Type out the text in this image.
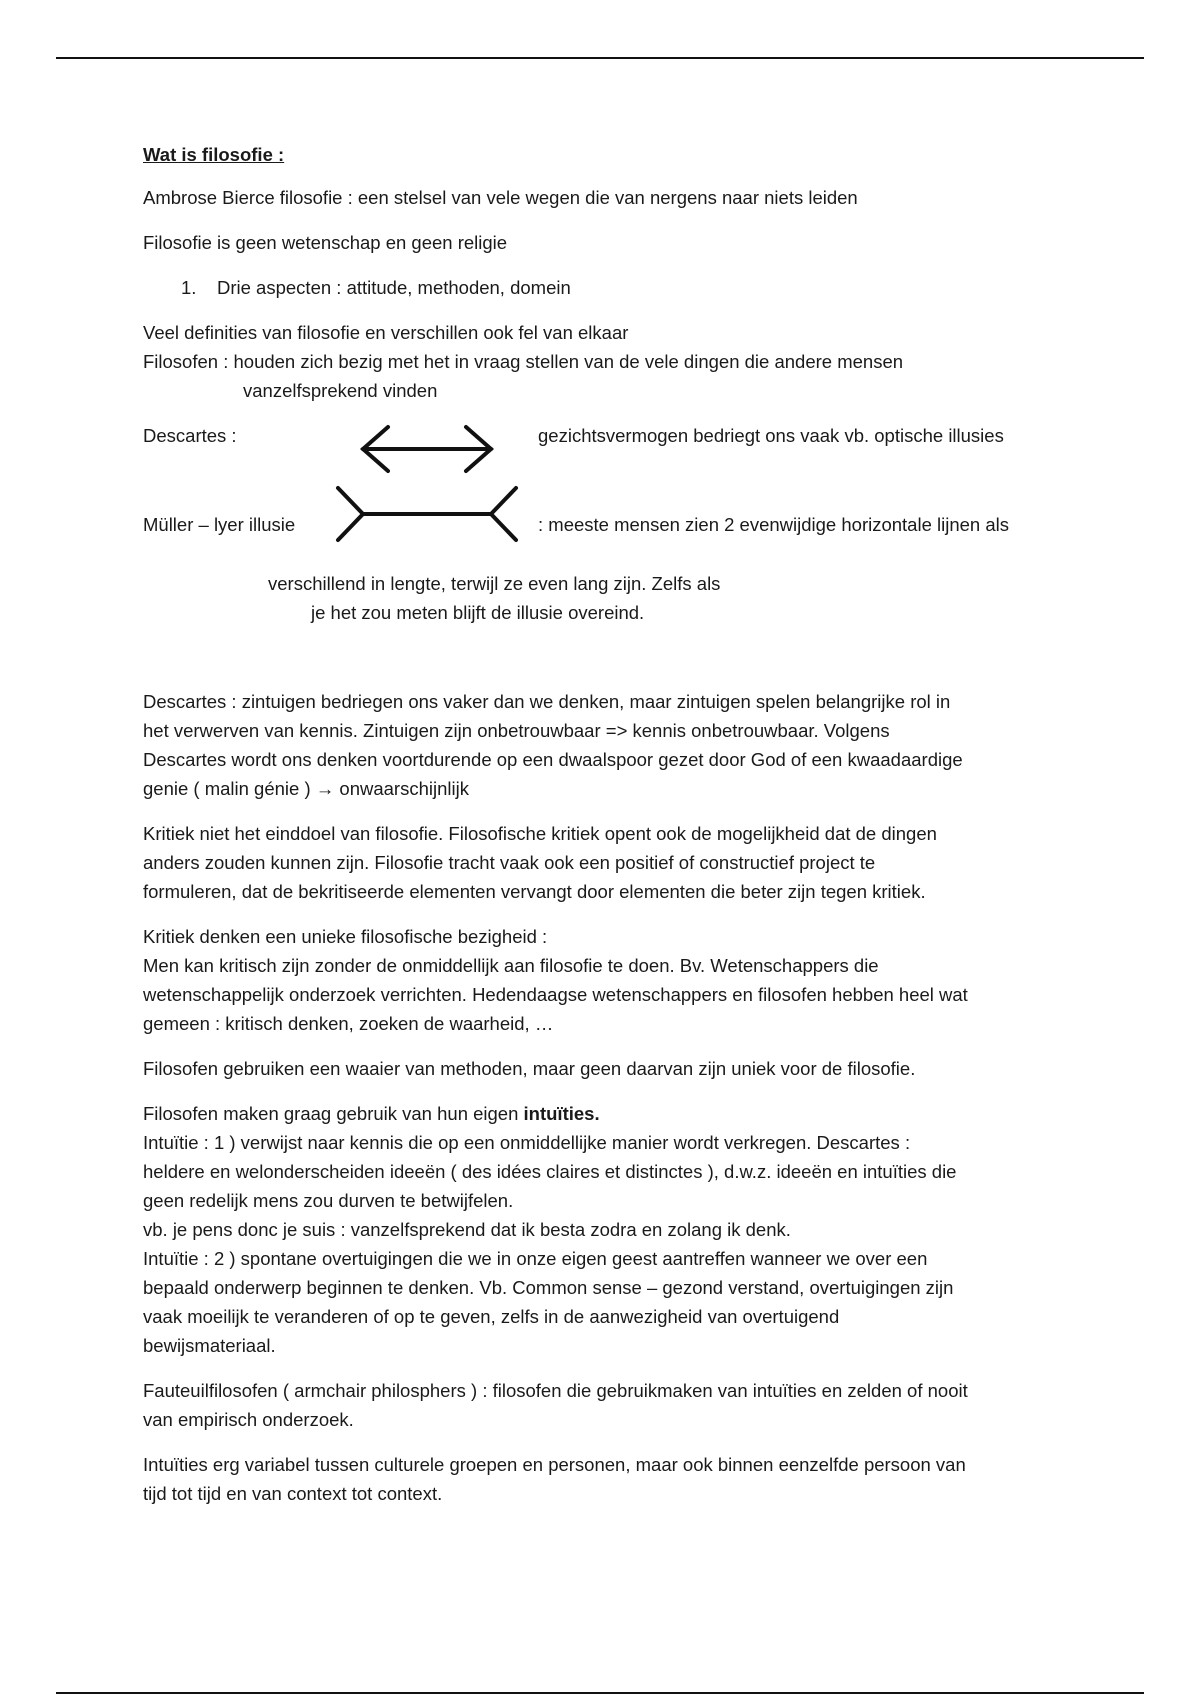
Wat is filosofie :
Ambrose Bierce filosofie : een stelsel van vele wegen die van nergens naar niets leiden
Filosofie is geen wetenschap en geen religie
1. Drie aspecten : attitude, methoden, domein
Veel definities van filosofie en verschillen ook fel van elkaar
Filosofen : houden zich bezig met het in vraag stellen van de vele dingen die andere mensen
vanzelfsprekend vinden
Descartes :	gezichtsvermogen bedriegt ons vaak vb. optische illusies
Müller – lyer illusie	: meeste mensen zien 2 evenwijdige horizontale lijnen als
verschillend in lengte, terwijl ze even lang zijn. Zelfs als
je het zou meten blijft de illusie overeind.
Descartes : zintuigen bedriegen ons vaker dan we denken, maar zintuigen spelen belangrijke rol in
het verwerven van kennis. Zintuigen zijn onbetrouwbaar => kennis onbetrouwbaar. Volgens
Descartes wordt ons denken voortdurende op een dwaalspoor gezet door God of een kwaadaardige
genie ( malin génie ) → onwaarschijnlijk
Kritiek niet het einddoel van filosofie. Filosofische kritiek opent ook de mogelijkheid dat de dingen
anders zouden kunnen zijn. Filosofie tracht vaak ook een positief of constructief project te
formuleren, dat de bekritiseerde elementen vervangt door elementen die beter zijn tegen kritiek.
Kritiek denken een unieke filosofische bezigheid :
Men kan kritisch zijn zonder de onmiddellijk aan filosofie te doen. Bv. Wetenschappers die
wetenschappelijk onderzoek verrichten. Hedendaagse wetenschappers en filosofen hebben heel wat
gemeen : kritisch denken, zoeken de waarheid, …
Filosofen gebruiken een waaier van methoden, maar geen daarvan zijn uniek voor de filosofie.
Filosofen maken graag gebruik van hun eigen intuïties.
Intuïtie : 1 ) verwijst naar kennis die op een onmiddellijke manier wordt verkregen. Descartes :
heldere en welonderscheiden ideeën ( des idées claires et distinctes ), d.w.z. ideeën en intuïties die
geen redelijk mens zou durven te betwijfelen.
vb. je pens donc je suis : vanzelfsprekend dat ik besta zodra en zolang ik denk.
Intuïtie : 2 ) spontane overtuigingen die we in onze eigen geest aantreffen wanneer we over een
bepaald onderwerp beginnen te denken. Vb. Common sense – gezond verstand, overtuigingen zijn
vaak moeilijk te veranderen of op te geven, zelfs in de aanwezigheid van overtuigend
bewijsmateriaal.
Fauteuilfilosofen ( armchair philosphers ) : filosofen die gebruikmaken van intuïties en zelden of nooit
van empirisch onderzoek.
Intuïties erg variabel tussen culturele groepen en personen, maar ook binnen eenzelfde persoon van
tijd tot tijd en van context tot context.
